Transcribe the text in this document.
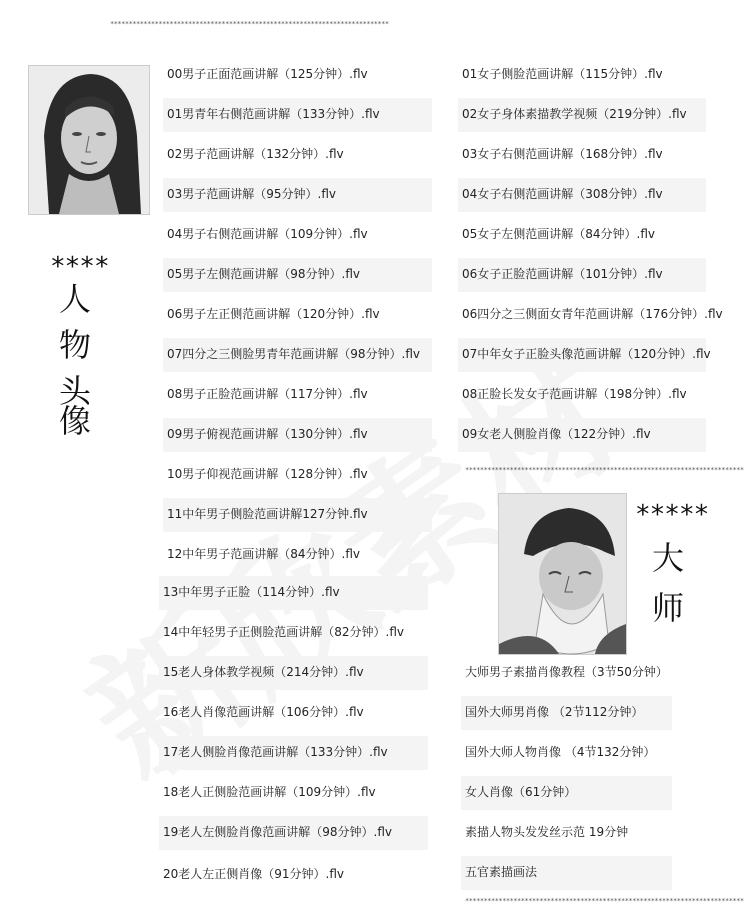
***************************************************************************
***************************************************************************
***************************************************************************
****
人
物
头
像
00男子正面范画讲解（125分钟）.flv
01男青年右侧范画讲解（133分钟）.flv
02男子范画讲解（132分钟）.flv
03男子范画讲解（95分钟）.flv
04男子右侧范画讲解（109分钟）.flv
05男子左侧范画讲解（98分钟）.flv
06男子左正侧范画讲解（120分钟）.flv
07四分之三侧脸男青年范画讲解（98分钟）.flv
08男子正脸范画讲解（117分钟）.flv
09男子俯视范画讲解（130分钟）.flv
10男子仰视范画讲解（128分钟）.flv
11中年男子侧脸范画讲解127分钟.flv
12中年男子范画讲解（84分钟）.flv
13中年男子正脸（114分钟）.flv
14中年轻男子正侧脸范画讲解（82分钟）.flv
15老人身体教学视频（214分钟）.flv
16老人肖像范画讲解（106分钟）.flv
17老人侧脸肖像范画讲解（133分钟）.flv
18老人正侧脸范画讲解（109分钟）.flv
19老人左侧脸肖像范画讲解（98分钟）.flv
20老人左正侧肖像（91分钟）.flv
01女子侧脸范画讲解（115分钟）.flv
02女子身体素描教学视频（219分钟）.flv
03女子右侧范画讲解（168分钟）.flv
04女子右侧范画讲解（308分钟）.flv
05女子左侧范画讲解（84分钟）.flv
06女子正脸范画讲解（101分钟）.flv
06四分之三侧面女青年范画讲解（176分钟）.flv
07中年女子正脸头像范画讲解（120分钟）.flv
08正脸长发女子范画讲解（198分钟）.flv
09女老人侧脸肖像（122分钟）.flv
*****
大
师
大师男子素描肖像教程（3节50分钟）
国外大师男肖像 （2节112分钟）
国外大师人物肖像 （4节132分钟）
女人肖像（61分钟）
素描人物头发发丝示范 19分钟
五官素描画法
